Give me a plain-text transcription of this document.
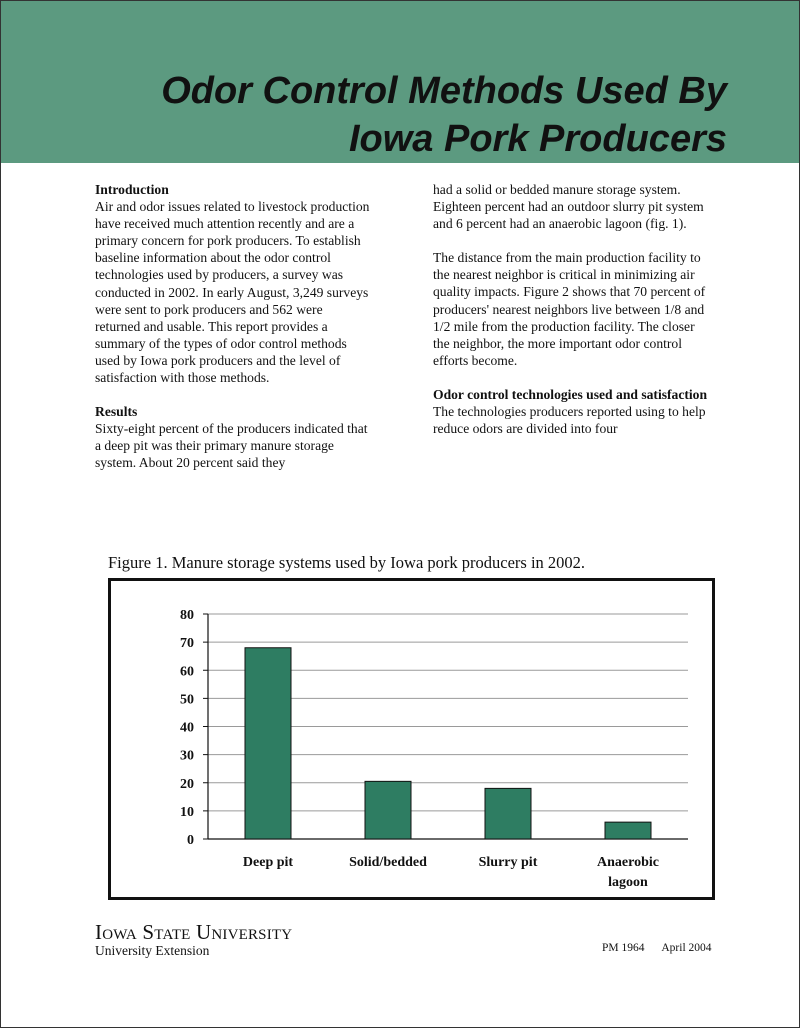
Odor Control Methods Used By
Iowa Pork Producers
Introduction

Air and odor issues related to livestock production have received much attention recently and are a primary concern for pork producers. To establish baseline information about the odor control technologies used by producers, a survey was conducted in 2002. In early August, 3,249 surveys were sent to pork producers and 562 were returned and usable. This report provides a summary of the types of odor control methods used by Iowa pork producers and the level of satisfaction with those methods.

Results

Sixty-eight percent of the producers indicated that a deep pit was their primary manure storage system. About 20 percent said they

had a solid or bedded manure storage system. Eighteen percent had an outdoor slurry pit system and 6 percent had an anaerobic lagoon (fig. 1).

The distance from the main production facility to the nearest neighbor is critical in minimizing air quality impacts. Figure 2 shows that 70 percent of producers' nearest neighbors live between 1/8 and 1/2 mile from the production facility. The closer the neighbor, the more important odor control efforts become.

Odor control technologies used and satisfaction

The technologies producers reported using to help reduce odors are divided into four

Figure 1. Manure storage systems used by Iowa pork producers in 2002.
0
10
20
30
40
50
60
70
80
Deep pit	Solid/bedded	Slurry pit	Anaerobic
lagoon
Iowa State University
University Extension	PM 1964 April 2004
